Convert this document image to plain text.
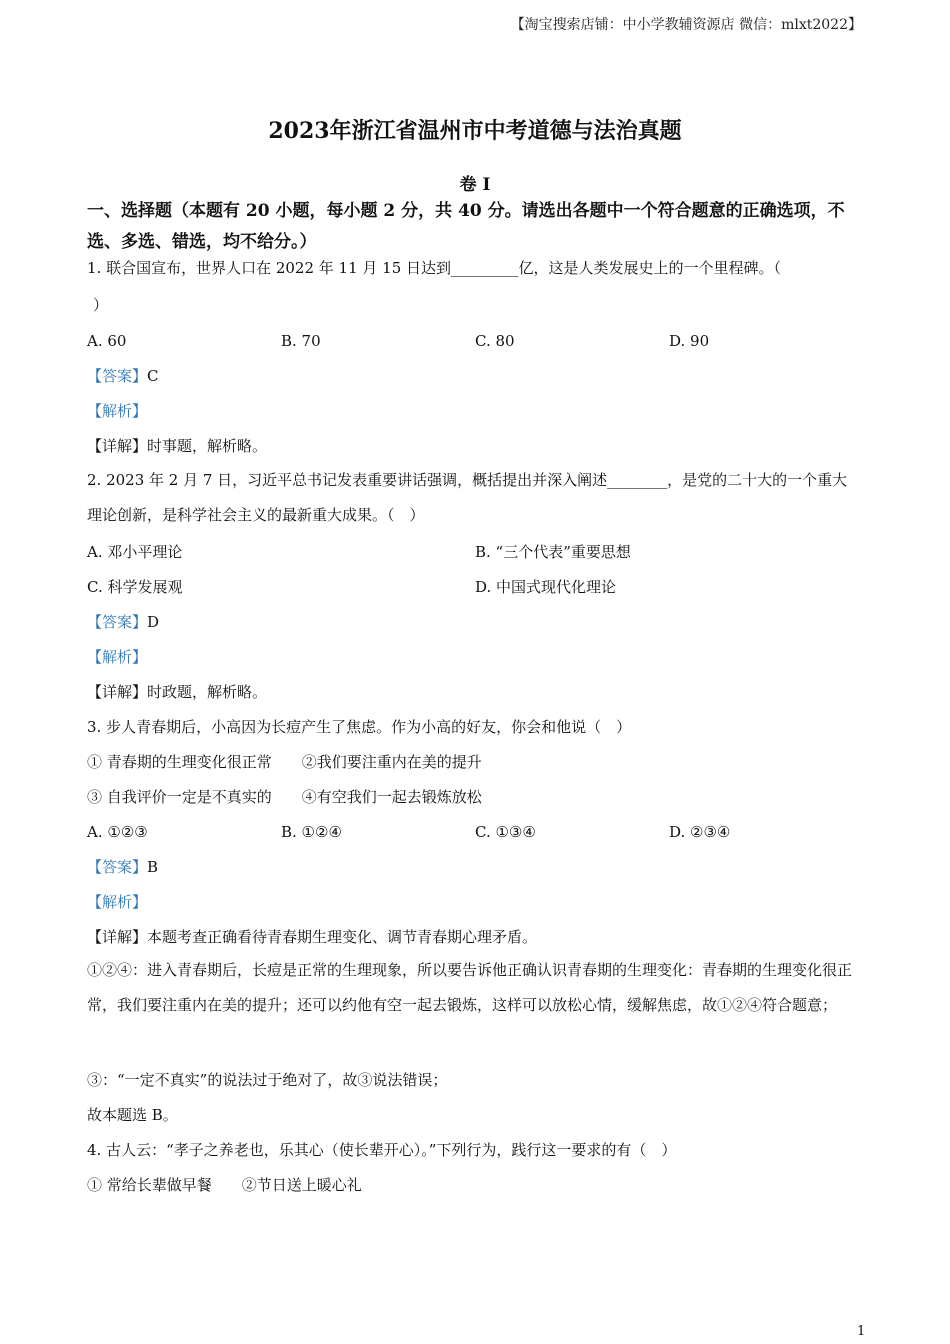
【淘宝搜索店铺：中小学教辅资源店 微信：mlxt2022】
2023年浙江省温州市中考道德与法治真题
卷 I
一、选择题（本题有 20 小题，每小题 2 分，共 40 分。请选出各题中一个符合题意的正确选项，不选、多选、错选，均不给分。）
1. 联合国宣布，世界人口在 2022 年 11 月 15 日达到_________亿，这是人类发展史上的一个里程碑。（
）
A. 60	B. 70	C. 80	D. 90
【答案】C
【解析】
【详解】时事题，解析略。
2. 2023 年 2 月 7 日，习近平总书记发表重要讲话强调，概括提出并深入阐述________，是党的二十大的一个重大理论创新，是科学社会主义的最新重大成果。（　）
A. 邓小平理论	B. “三个代表”重要思想
C. 科学发展观	D. 中国式现代化理论
【答案】D
【解析】
【详解】时政题，解析略。
3. 步人青春期后，小高因为长痘产生了焦虑。作为小高的好友，你会和他说（　）
① 青春期的生理变化很正常　　②我们要注重内在美的提升
③ 自我评价一定是不真实的　　④有空我们一起去锻炼放松
A. ①②③	B. ①②④	C. ①③④	D. ②③④
【答案】B
【解析】
【详解】本题考查正确看待青春期生理变化、调节青春期心理矛盾。
①②④：进入青春期后，长痘是正常的生理现象，所以要告诉他正确认识青春期的生理变化：青春期的生理变化很正常，我们要注重内在美的提升；还可以约他有空一起去锻炼，这样可以放松心情，缓解焦虑，故①②④符合题意；
③：“一定不真实”的说法过于绝对了，故③说法错误；
故本题选 B。
4. 古人云：“孝子之养老也，乐其心（使长辈开心）。”下列行为，践行这一要求的有（　）
① 常给长辈做早餐　　②节日送上暖心礼
1
